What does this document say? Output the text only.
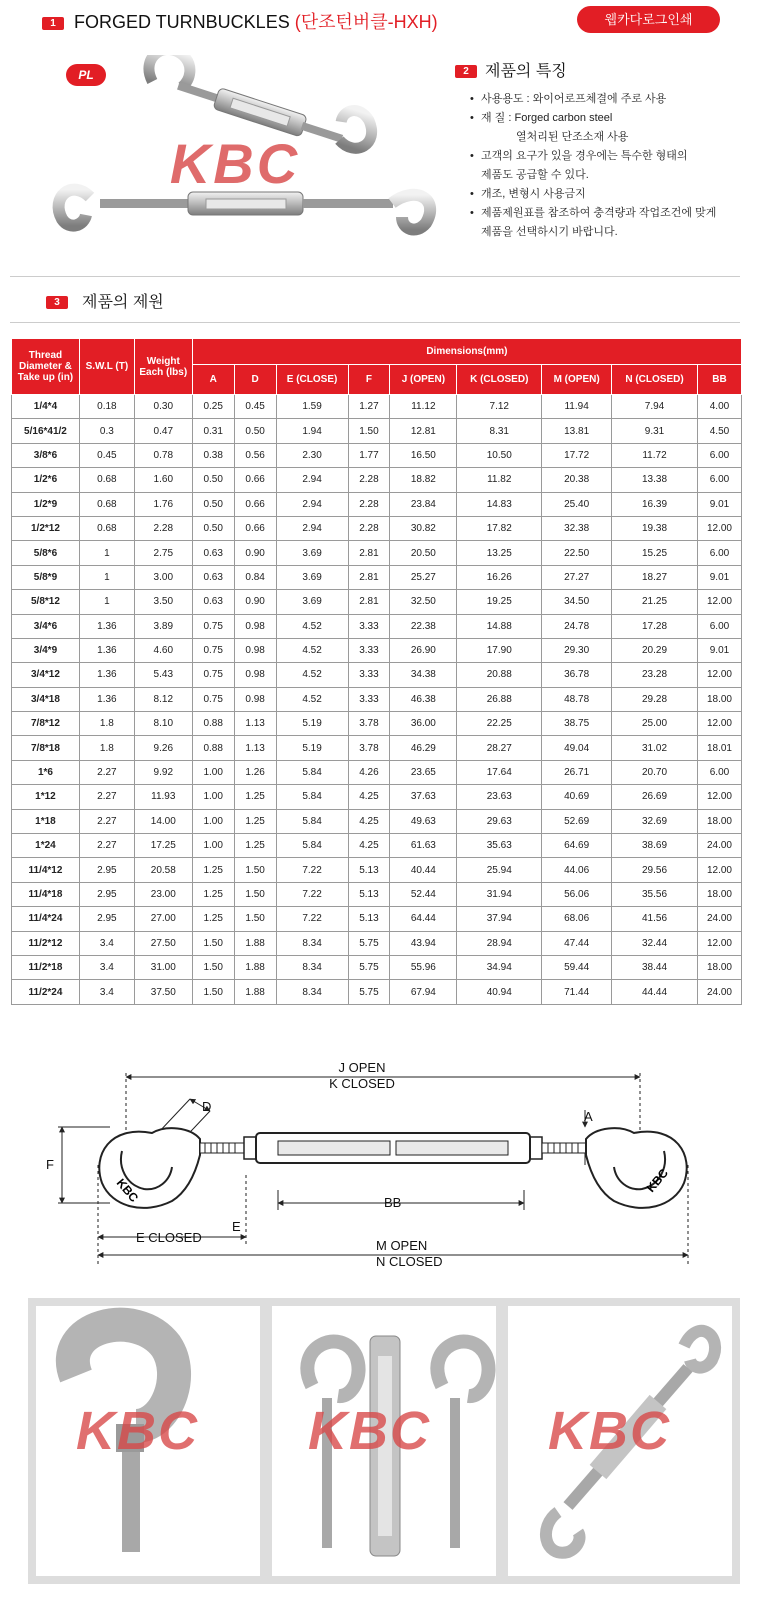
1 FORGED TURNBUCKLES (단조턴버클-HXH)	웹카다로그인쇄
PL
KBC
2 제품의 특징
• 사용용도 : 와이어로프체결에 주로 사용
• 재 질 : Forged carbon steel
열처리된 단조소재 사용
• 고객의 요구가 있을 경우에는 특수한 형태의
제품도 공급할 수 있다.
• 개조, 변형시 사용금지
• 제품제원표를 참조하여 충격량과 작업조건에 맞게
제품을 선택하시기 바랍니다.
3 제품의 제원
Thread Diameter & Take up (in)	S.W.L (T)	Weight Each (lbs)	Dimensions(mm)								
			A	D	E (CLOSE)	F	J (OPEN)	K (CLOSED)	M (OPEN)	N (CLOSED)	BB
1/4*4	0.18	0.30	0.25	0.45	1.59	1.27	11.12	7.12	11.94	7.94	4.00
5/16*41/2	0.3	0.47	0.31	0.50	1.94	1.50	12.81	8.31	13.81	9.31	4.50
3/8*6	0.45	0.78	0.38	0.56	2.30	1.77	16.50	10.50	17.72	11.72	6.00
1/2*6	0.68	1.60	0.50	0.66	2.94	2.28	18.82	11.82	20.38	13.38	6.00
1/2*9	0.68	1.76	0.50	0.66	2.94	2.28	23.84	14.83	25.40	16.39	9.01
1/2*12	0.68	2.28	0.50	0.66	2.94	2.28	30.82	17.82	32.38	19.38	12.00
5/8*6	1	2.75	0.63	0.90	3.69	2.81	20.50	13.25	22.50	15.25	6.00
5/8*9	1	3.00	0.63	0.84	3.69	2.81	25.27	16.26	27.27	18.27	9.01
5/8*12	1	3.50	0.63	0.90	3.69	2.81	32.50	19.25	34.50	21.25	12.00
3/4*6	1.36	3.89	0.75	0.98	4.52	3.33	22.38	14.88	24.78	17.28	6.00
3/4*9	1.36	4.60	0.75	0.98	4.52	3.33	26.90	17.90	29.30	20.29	9.01
3/4*12	1.36	5.43	0.75	0.98	4.52	3.33	34.38	20.88	36.78	23.28	12.00
3/4*18	1.36	8.12	0.75	0.98	4.52	3.33	46.38	26.88	48.78	29.28	18.00
7/8*12	1.8	8.10	0.88	1.13	5.19	3.78	36.00	22.25	38.75	25.00	12.00
7/8*18	1.8	9.26	0.88	1.13	5.19	3.78	46.29	28.27	49.04	31.02	18.01
1*6	2.27	9.92	1.00	1.26	5.84	4.26	23.65	17.64	26.71	20.70	6.00
1*12	2.27	11.93	1.00	1.25	5.84	4.25	37.63	23.63	40.69	26.69	12.00
1*18	2.27	14.00	1.00	1.25	5.84	4.25	49.63	29.63	52.69	32.69	18.00
1*24	2.27	17.25	1.00	1.25	5.84	4.25	61.63	35.63	64.69	38.69	24.00
11/4*12	2.95	20.58	1.25	1.50	7.22	5.13	40.44	25.94	44.06	29.56	12.00
11/4*18	2.95	23.00	1.25	1.50	7.22	5.13	52.44	31.94	56.06	35.56	18.00
11/4*24	2.95	27.00	1.25	1.50	7.22	5.13	64.44	37.94	68.06	41.56	24.00
11/2*12	3.4	27.50	1.50	1.88	8.34	5.75	43.94	28.94	47.44	32.44	12.00
11/2*18	3.4	31.00	1.50	1.88	8.34	5.75	55.96	34.94	59.44	38.44	18.00
11/2*24	3.4	37.50	1.50	1.88	8.34	5.75	67.94	40.94	71.44	44.44	24.00
KBC	KBC
J OPEN
K CLOSED
D
A
F
BB
E
E CLOSED
M OPEN
N CLOSED
KBC KBC KBC
